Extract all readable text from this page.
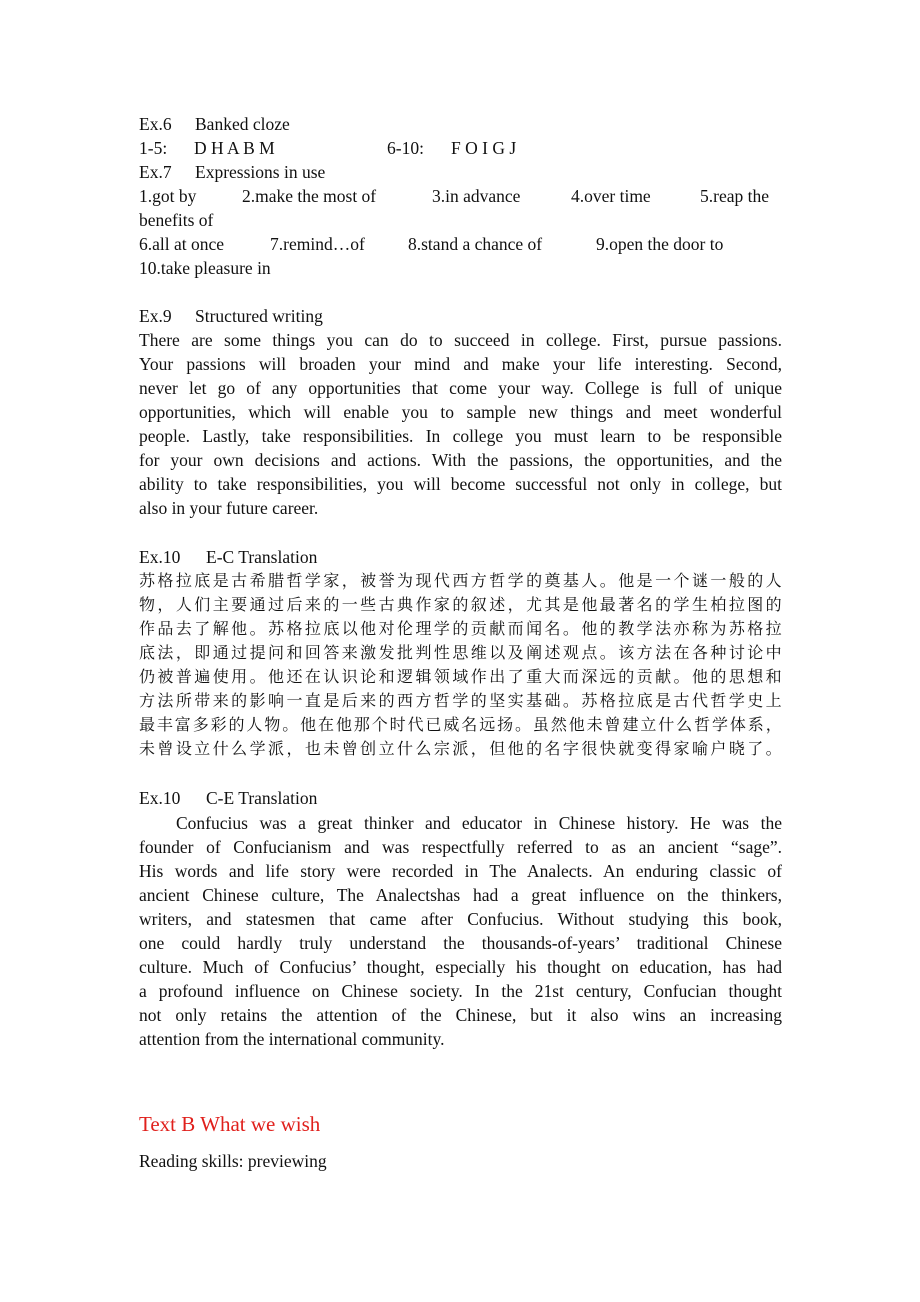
Ex.6 Banked cloze
1-5: D H A B M	6-10: F O I G J
Ex.7 Expressions in use
1.got by	2.make the most of	3.in advance	4.over time	5.reap the
benefits of
6.all at once	7.remind…of 8.stand a chance of	9.open the door to
10.take pleasure in
Ex.9 Structured writing
There are some things you can do to succeed in college. First, pursue passions.
Your passions will broaden your mind and make your life interesting. Second,
never let go of any opportunities that come your way. College is full of unique
opportunities, which will enable you to sample new things and meet wonderful
people. Lastly, take responsibilities. In college you must learn to be responsible
for your own decisions and actions. With the passions, the opportunities, and the
ability to take responsibilities, you will become successful not only in college, but
also in your future career.
Ex.10 E-C Translation
苏格拉底是古希腊哲学家，被誉为现代西方哲学的奠基人。他是一个谜一般的人
物，人们主要通过后来的一些古典作家的叙述，尤其是他最著名的学生柏拉图的
作品去了解他。苏格拉底以他对伦理学的贡献而闻名。他的教学法亦称为苏格拉
底法，即通过提问和回答来激发批判性思维以及阐述观点。该方法在各种讨论中
仍被普遍使用。他还在认识论和逻辑领域作出了重大而深远的贡献。他的思想和
方法所带来的影响一直是后来的西方哲学的坚实基础。苏格拉底是古代哲学史上
最丰富多彩的人物。他在他那个时代已威名远扬。虽然他未曾建立什么哲学体系，
未曾设立什么学派，也未曾创立什么宗派，但他的名字很快就变得家喻户晓了。
Ex.10 C-E Translation
Confucius was a great thinker and educator in Chinese history. He was the
founder of Confucianism and was respectfully referred to as an ancient “sage”.
His words and life story were recorded in The Analects. An enduring classic of
ancient Chinese culture, The Analectshas had a great influence on the thinkers,
writers, and statesmen that came after Confucius. Without studying this book,
one could hardly truly understand the thousands-of-years’ traditional Chinese
culture. Much of Confucius’ thought, especially his thought on education, has had
a profound influence on Chinese society. In the 21st century, Confucian thought
not only retains the attention of the Chinese, but it also wins an increasing
attention from the international community.
Text B What we wish
Reading skills: previewing
